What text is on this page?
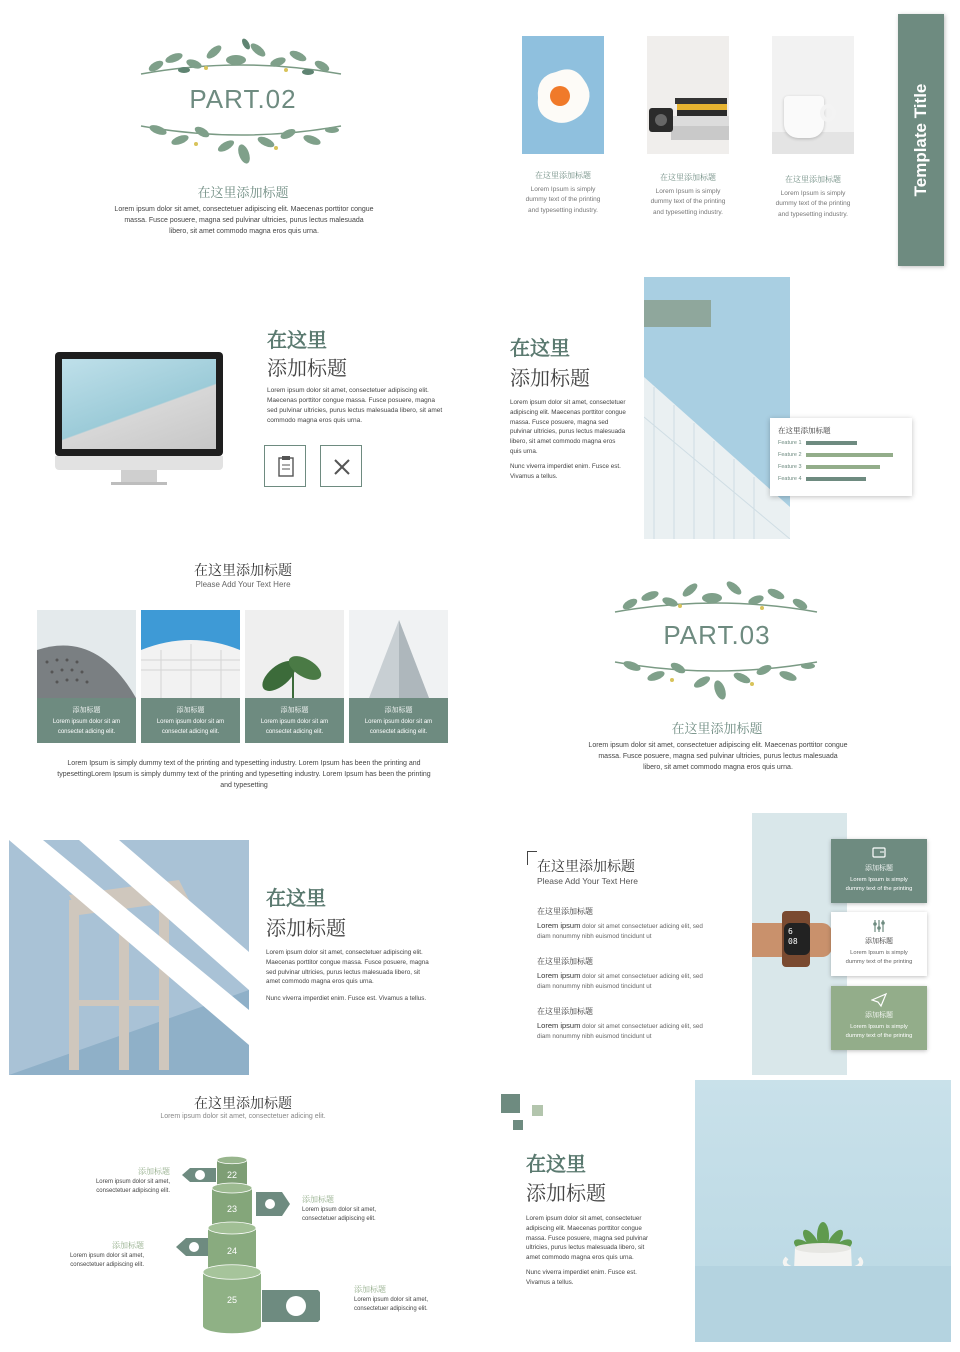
PART.02
在这里添加标题
Lorem ipsum dolor sit amet, consectetuer adipiscing elit. Maecenas porttitor congue massa. Fusce posuere, magna sed pulvinar ultricies, purus lectus malesuada libero, sit amet commodo magna eros quis urna.
在这里添加标题
Lorem Ipsum is simply dummy text of the printing and typesetting industry.
在这里添加标题
Lorem Ipsum is simply dummy text of the printing and typesetting industry.
在这里添加标题
Lorem Ipsum is simply dummy text of the printing and typesetting industry.
Template Title
在这里
添加标题
Lorem ipsum dolor sit amet, consectetuer adipiscing elit. Maecenas porttitor congue massa. Fusce posuere, magna sed pulvinar ultricies, purus lectus malesuada libero, sit amet commodo magna eros quis urna.
在这里
添加标题
Lorem ipsum dolor sit amet, consectetuer adipiscing elit. Maecenas porttitor congue massa. Fusce posuere, magna sed pulvinar ultricies, purus lectus malesuada libero, sit amet commodo magna eros quis urna.
Nunc viverra imperdiet enim. Fusce est. Vivamus a tellus.
在这里添加标题
Feature 1
Feature 2
Feature 3
Feature 4
在这里添加标题
Please Add Your Text Here
Lorem Ipsum is simply dummy text of the printing and typesetting industry. Lorem Ipsum has been the printing and typesettingLorem Ipsum is simply dummy text of the printing and typesetting industry. Lorem Ipsum has been the printing and typesetting
添加标题
Lorem ipsum dolor sit am consectet adicing elit.
添加标题
Lorem ipsum dolor sit am consectet adicing elit.
添加标题
Lorem ipsum dolor sit am consectet adicing elit.
添加标题
Lorem ipsum dolor sit am consectet adicing elit.
PART.03
在这里添加标题
Lorem ipsum dolor sit amet, consectetuer adipiscing elit. Maecenas porttitor congue massa. Fusce posuere, magna sed pulvinar ultricies, purus lectus malesuada libero, sit amet commodo magna eros quis urna.
在这里
添加标题
Lorem ipsum dolor sit amet, consectetuer adipiscing elit. Maecenas porttitor congue massa. Fusce posuere, magna sed pulvinar ultricies, purus lectus malesuada libero, sit amet commodo magna eros quis urna.
Nunc viverra imperdiet enim. Fusce est. Vivamus a tellus.
在这里添加标题
Please Add Your Text Here
6
08
在这里添加标题
Lorem ipsum dolor sit amet consectetuer adicing elit, sed diam nonummy nibh euismod tincidunt ut
在这里添加标题
Lorem ipsum dolor sit amet consectetuer adicing elit, sed diam nonummy nibh euismod tincidunt ut
在这里添加标题
Lorem ipsum dolor sit amet consectetuer adicing elit, sed diam nonummy nibh euismod tincidunt ut
添加标题
Lorem Ipsum is simply dummy text of the printing
添加标题
Lorem Ipsum is simply dummy text of the printing
添加标题
Lorem Ipsum is simply dummy text of the printing
在这里添加标题
Lorem ipsum dolor sit amet, consectetuer adicing elit.
22
23
24
25
添加标题
Lorem ipsum dolor sit amet, consectetuer adipiscing elit.
添加标题
Lorem ipsum dolor sit amet, consectetuer adipiscing elit.
添加标题
Lorem ipsum dolor sit amet, consectetuer adipiscing elit.
添加标题
Lorem ipsum dolor sit amet, consectetuer adipiscing elit.
在这里
添加标题
Lorem ipsum dolor sit amet, consectetuer adipiscing elit. Maecenas porttitor congue massa. Fusce posuere, magna sed pulvinar ultricies, purus lectus malesuada libero, sit amet commodo magna eros quis urna.
Nunc viverra imperdiet enim. Fusce est. Vivamus a tellus.
